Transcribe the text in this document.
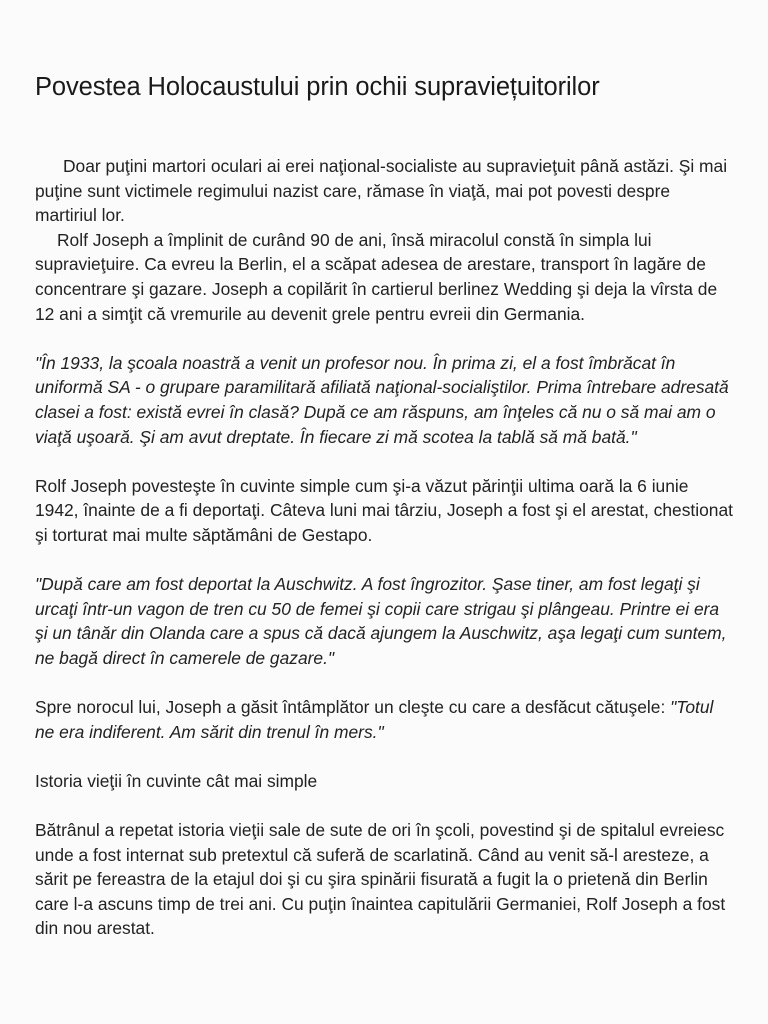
Povestea Holocaustului prin ochii supraviețuitorilor

Doar puţini martori oculari ai erei naţional-socialiste au supravieţuit până astăzi. Şi mai puţine sunt victimele regimului nazist care, rămase în viaţă, mai pot povesti despre martiriul lor.

Rolf Joseph a împlinit de curând 90 de ani, însă miracolul constă în simpla lui supravieţuire. Ca evreu la Berlin, el a scăpat adesea de arestare, transport în lagăre de concentrare şi gazare. Joseph a copilărit în cartierul berlinez Wedding şi deja la vîrsta de 12 ani a simţit că vremurile au devenit grele pentru evreii din Germania.

"În 1933, la şcoala noastră a venit un profesor nou. În prima zi, el a fost îmbrăcat în uniformă SA - o grupare paramilitară afiliată naţional-socialiştilor. Prima întrebare adresată clasei a fost: există evrei în clasă? După ce am răspuns, am înţeles că nu o să mai am o viaţă uşoară. Şi am avut dreptate. În fiecare zi mă scotea la tablă să mă bată."

Rolf Joseph povesteşte în cuvinte simple cum şi-a văzut părinţii ultima oară la 6 iunie 1942, înainte de a fi deportaţi. Câteva luni mai târziu, Joseph a fost şi el arestat, chestionat şi torturat mai multe săptămâni de Gestapo.

"După care am fost deportat la Auschwitz. A fost îngrozitor. Şase tiner, am fost legaţi şi urcaţi într-un vagon de tren cu 50 de femei şi copii care strigau şi plângeau. Printre ei era şi un tânăr din Olanda care a spus că dacă ajungem la Auschwitz, aşa legaţi cum suntem, ne bagă direct în camerele de gazare."

Spre norocul lui, Joseph a găsit întâmplător un cleşte cu care a desfăcut cătuşele: "Totul ne era indiferent. Am sărit din trenul în mers."

Istoria vieţii în cuvinte cât mai simple

Bătrânul a repetat istoria vieţii sale de sute de ori în şcoli, povestind şi de spitalul evreiesc unde a fost internat sub pretextul că suferă de scarlatină. Când au venit să-l aresteze, a sărit pe fereastra de la etajul doi şi cu şira spinării fisurată a fugit la o prietenă din Berlin care l-a ascuns timp de trei ani. Cu puţin înaintea capitulării Germaniei, Rolf Joseph a fost din nou arestat.
